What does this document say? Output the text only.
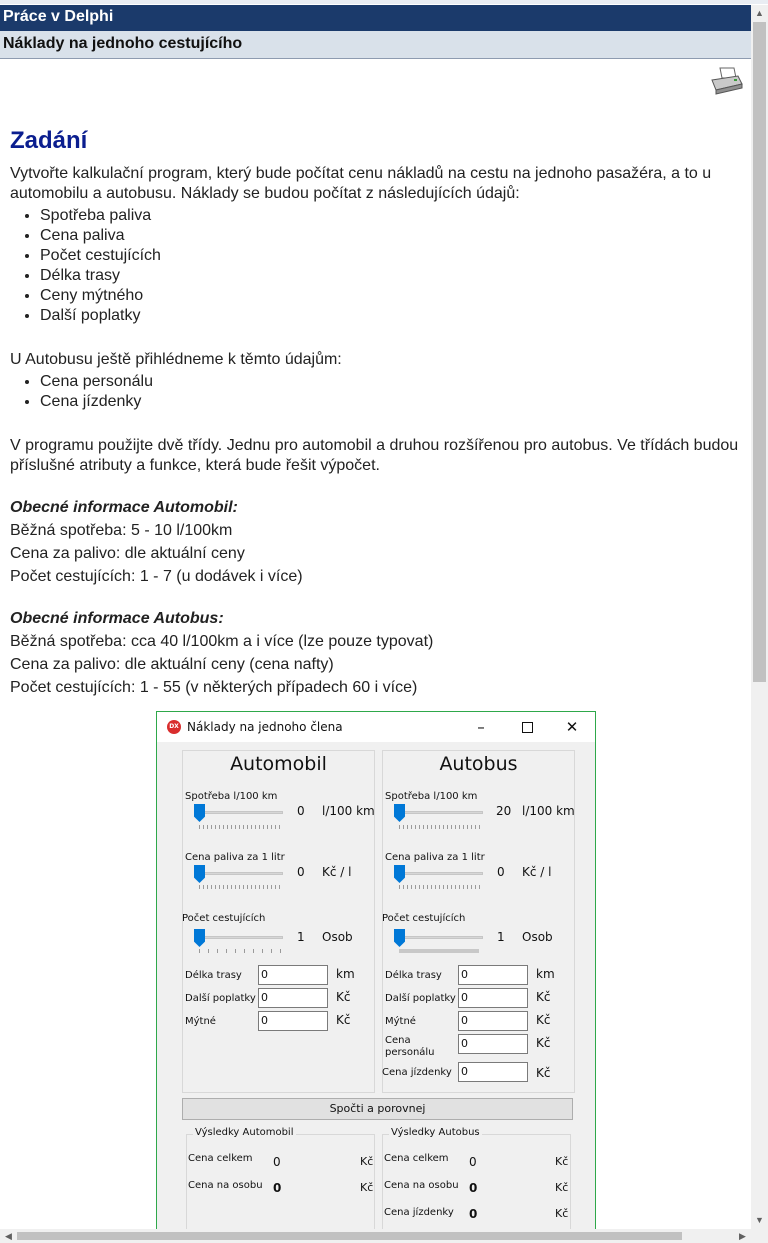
Práce v Delphi
Náklady na jednoho cestujícího
Zadání

Vytvořte kalkulační program, který bude počítat cenu nákladů na cestu na jednoho pasažéra, a to u automobilu a autobusu. Náklady se budou počítat z následujících údajů:

• Spotřeba paliva
• Cena paliva
• Počet cestujících
• Délka trasy
• Ceny mýtného
• Další poplatky

U Autobusu ještě přihlédneme k těmto údajům:

• Cena personálu
• Cena jízdenky

V programu použijte dvě třídy. Jednu pro automobil a druhou rozšířenou pro autobus. Ve třídách budou příslušné atributy a funkce, která bude řešit výpočet.

Obecné informace Automobil:

Běžná spotřeba: 5 - 10 l/100km

Cena za palivo: dle aktuální ceny

Počet cestujících: 1 - 7 (u dodávek i více)

Obecné informace Autobus:

Běžná spotřeba: cca 40 l/100km a i více (lze pouze typovat)

Cena za palivo: dle aktuální ceny (cena nafty)

Počet cestujících: 1 - 55 (v některých případech 60 i více)

DX Náklady na jednoho člena	–	✕
Automobil
Spotřeba l/100 km
0 l/100 km
Cena paliva za 1 litr
0 Kč / l
Počet cestujících
1 Osob
Délka trasy 0	km
Další poplatky 0	Kč
Mýtné	0	Kč
Autobus
Spotřeba l/100 km
20 l/100 km
Cena paliva za 1 litr
0 Kč / l
Počet cestujících
1 Osob
Délka trasy 0	km
Další poplatky 0	Kč
Mýtné	0	Kč
Cena personálu
0	Kč
Cena jízdenky 0	Kč
Spočti a porovnej
Výsledky Automobil
Cena celkem 0	Kč
Cena na osobu 0	Kč
Výsledky Autobus
Cena celkem 0	Kč
Cena na osobu 0	Kč
Cena jízdenky 0	Kč
▲
▼
◀	▶
